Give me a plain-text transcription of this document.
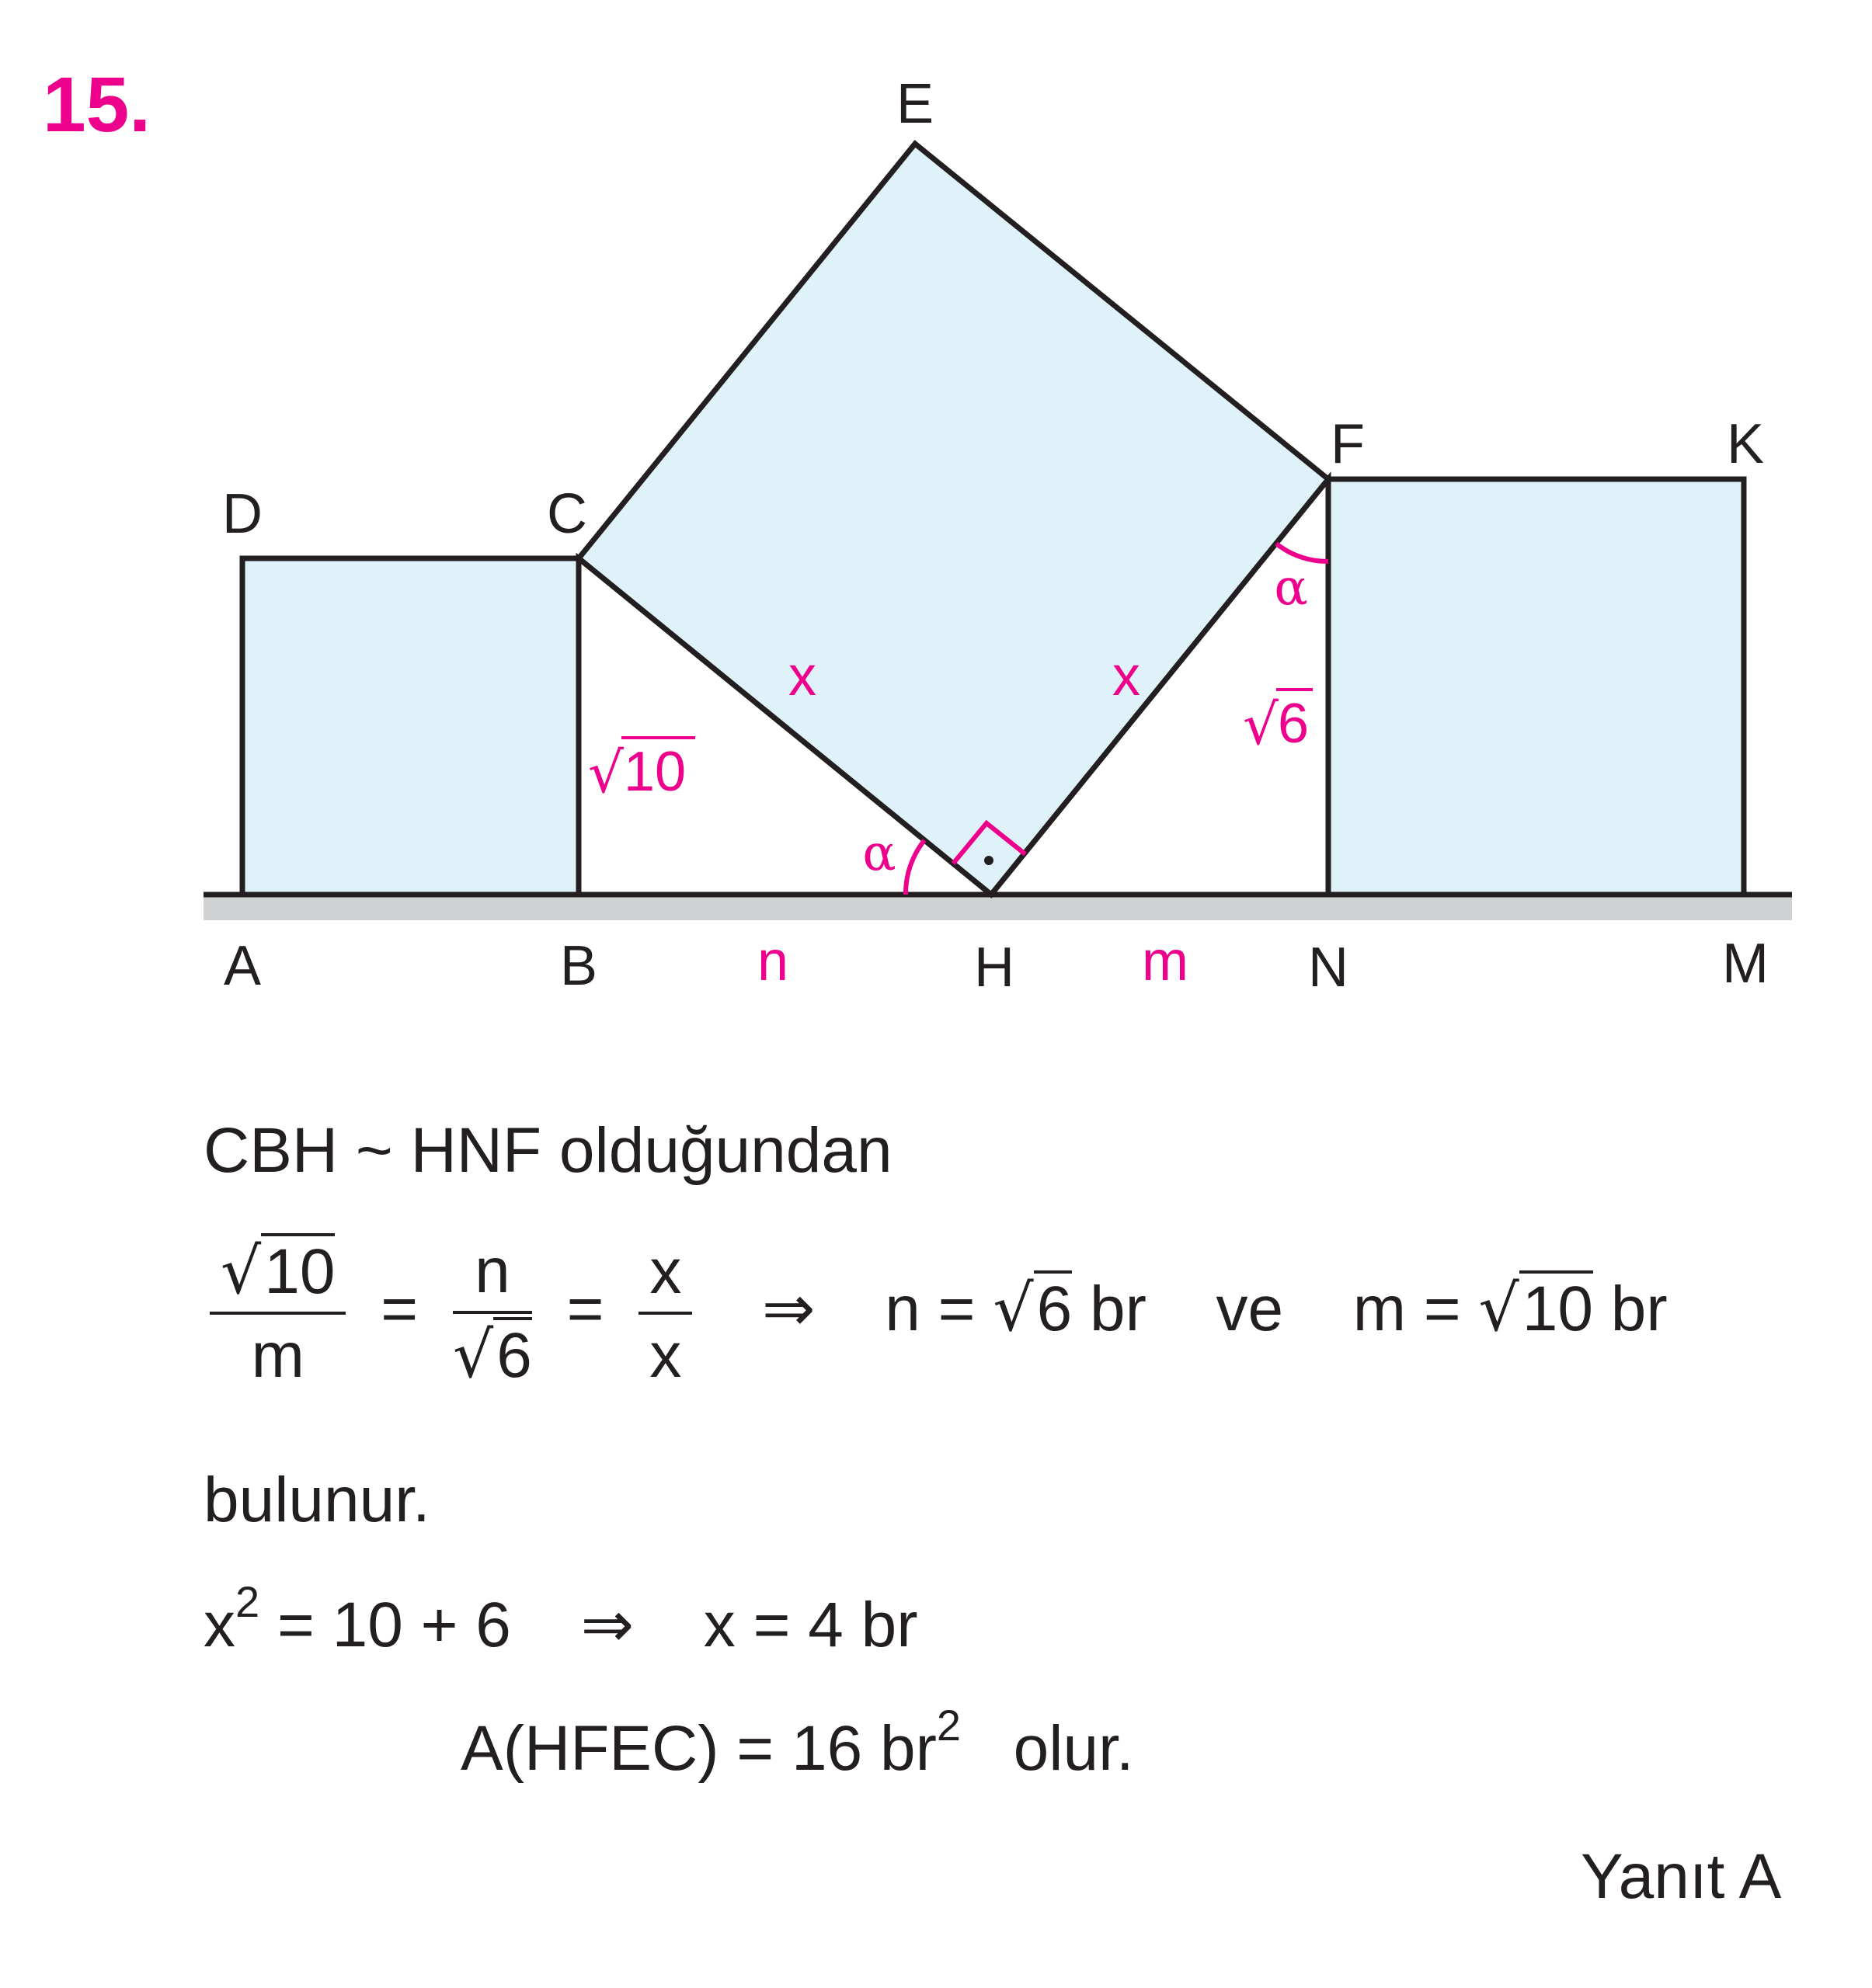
15.	E
F	K
D	C
A	B	H	N	M
√ 10
√ 6
x	x
n	m
α
α
CBH ~ HNF olduğundan
$\frac{√10}{m} = \frac{n}{√6} = \frac{x}{x}$ ⇒ n = √6 br ve m = √10 br
bulunur.
$x^2 = 10 + 6$ ⇒ x = 4 br
A(HFEC) = 16 $br^2$ olur.
Yanıt A
